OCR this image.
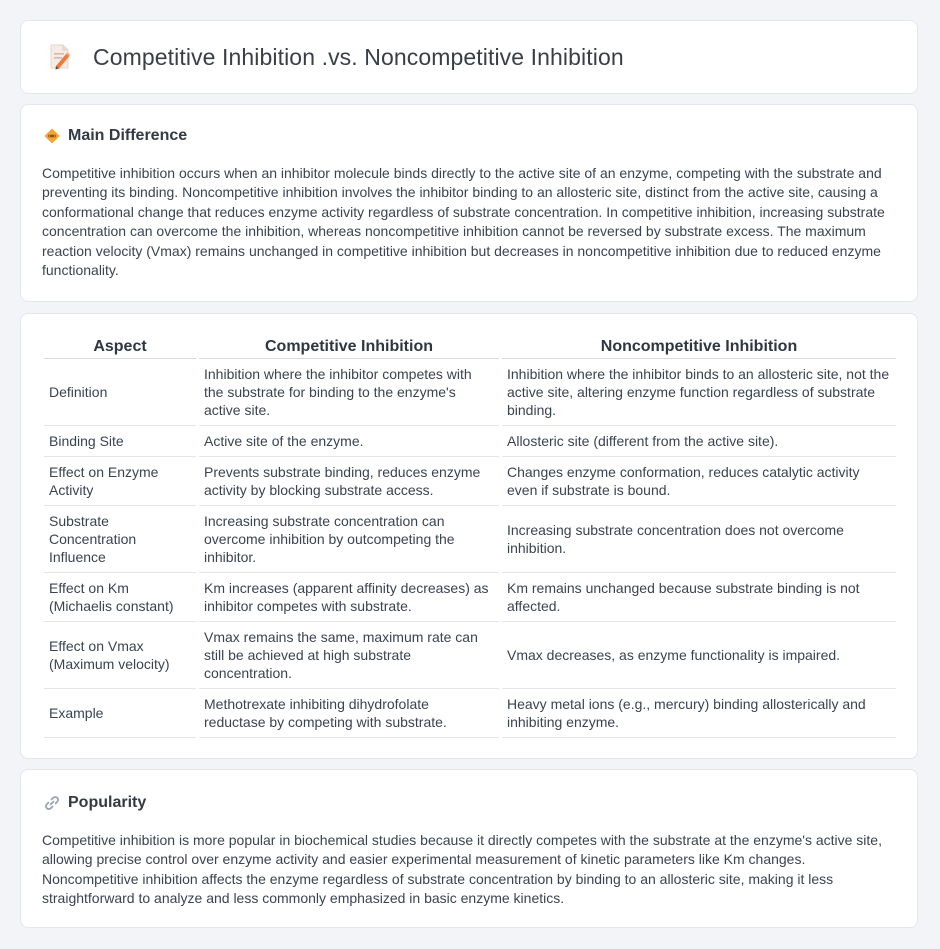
Competitive Inhibition .vs. Noncompetitive Inhibition
Main Difference
Competitive inhibition occurs when an inhibitor molecule binds directly to the active site of an enzyme, competing with the substrate and preventing its binding. Noncompetitive inhibition involves the inhibitor binding to an allosteric site, distinct from the active site, causing a conformational change that reduces enzyme activity regardless of substrate concentration. In competitive inhibition, increasing substrate concentration can overcome the inhibition, whereas noncompetitive inhibition cannot be reversed by substrate excess. The maximum reaction velocity (Vmax) remains unchanged in competitive inhibition but decreases in noncompetitive inhibition due to reduced enzyme functionality.
Aspect	Competitive Inhibition	Noncompetitive Inhibition
Definition	Inhibition where the inhibitor competes with the substrate for binding to the enzyme's active site.	Inhibition where the inhibitor binds to an allosteric site, not the active site, altering enzyme function regardless of substrate binding.
Binding Site	Active site of the enzyme.	Allosteric site (different from the active site).
Effect on Enzyme Activity	Prevents substrate binding, reduces enzyme activity by blocking substrate access.	Changes enzyme conformation, reduces catalytic activity even if substrate is bound.
Substrate Concentration Influence	Increasing substrate concentration can overcome inhibition by outcompeting the inhibitor.	Increasing substrate concentration does not overcome inhibition.
Effect on Km (Michaelis constant)	Km increases (apparent affinity decreases) as inhibitor competes with substrate.	Km remains unchanged because substrate binding is not affected.
Effect on Vmax (Maximum velocity)	Vmax remains the same, maximum rate can still be achieved at high substrate concentration.	Vmax decreases, as enzyme functionality is impaired.
Example	Methotrexate inhibiting dihydrofolate reductase by competing with substrate.	Heavy metal ions (e.g., mercury) binding allosterically and inhibiting enzyme.
Popularity
Competitive inhibition is more popular in biochemical studies because it directly competes with the substrate at the enzyme's active site, allowing precise control over enzyme activity and easier experimental measurement of kinetic parameters like Km changes. Noncompetitive inhibition affects the enzyme regardless of substrate concentration by binding to an allosteric site, making it less straightforward to analyze and less commonly emphasized in basic enzyme kinetics.
